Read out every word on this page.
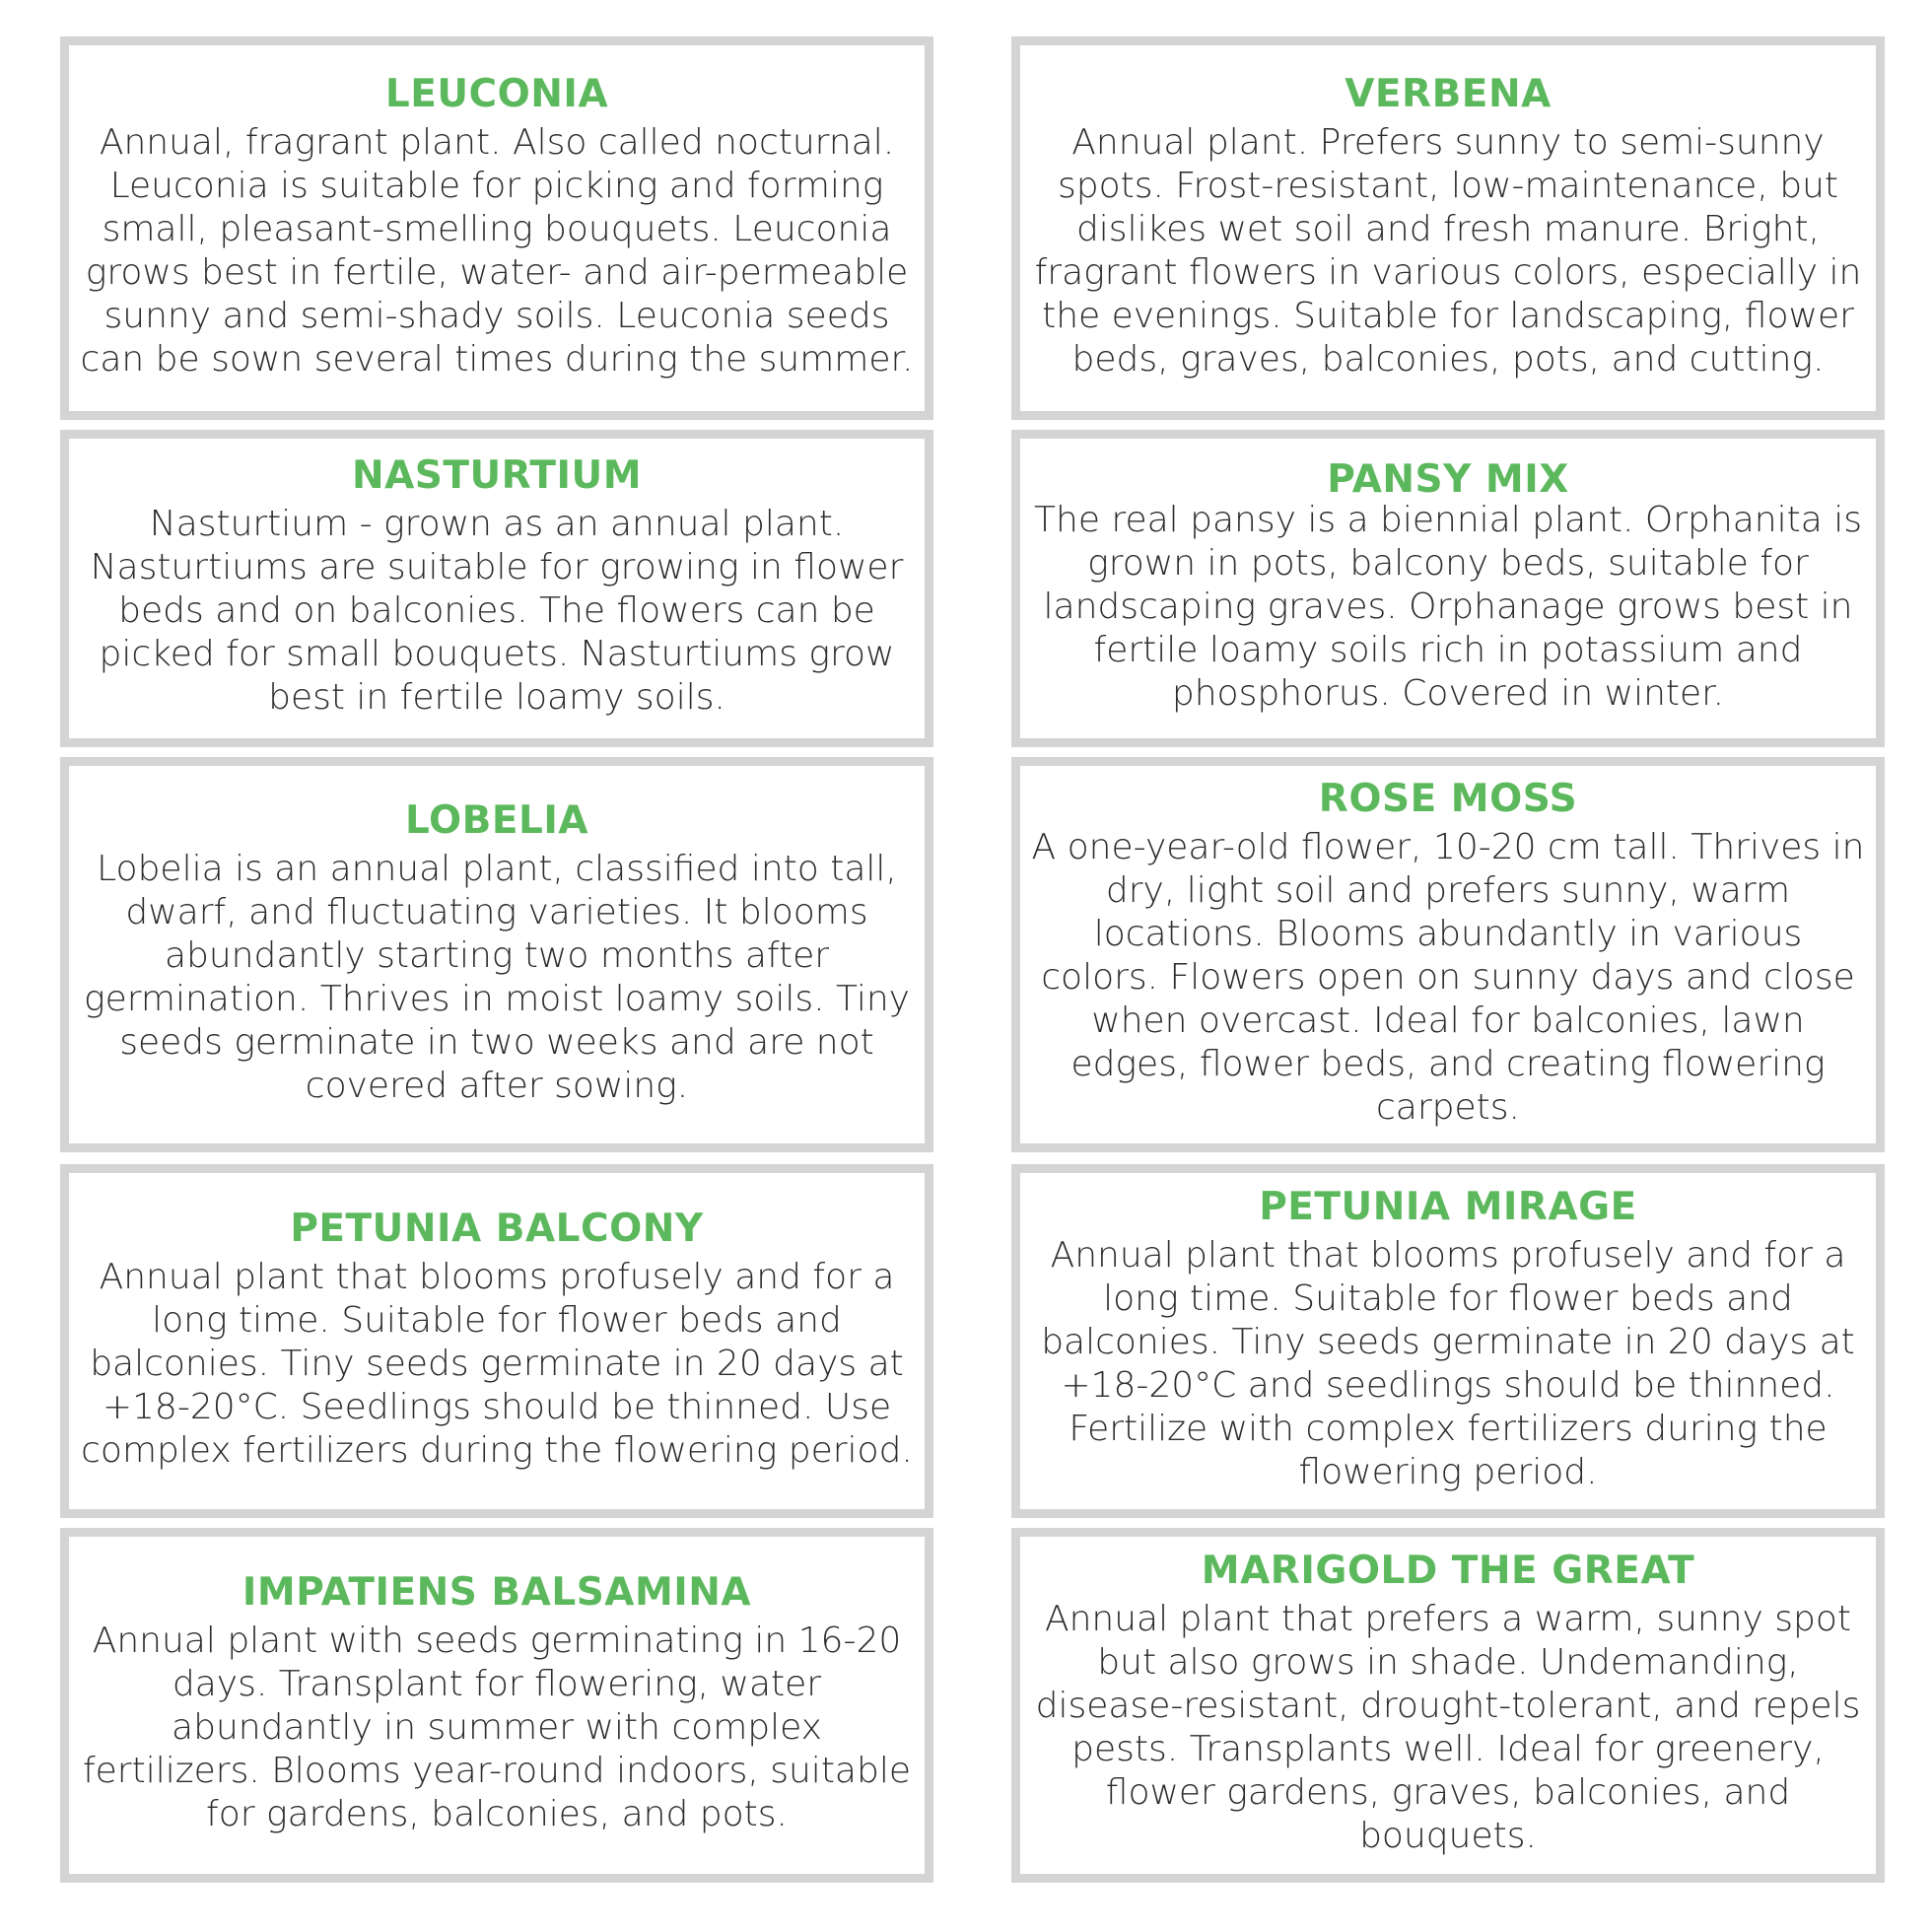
LEUCONIA

Annual, fragrant plant. Also called nocturnal. Leuconia is suitable for picking and forming small, pleasant-smelling bouquets. Leuconia grows best in fertile, water- and air-permeable sunny and semi-shady soils. Leuconia seeds can be sown several times during the summer.

VERBENA

Annual plant. Prefers sunny to semi-sunny spots. Frost-resistant, low-maintenance, but dislikes wet soil and fresh manure. Bright, fragrant flowers in various colors, especially in the evenings. Suitable for landscaping, flower beds, graves, balconies, pots, and cutting.

NASTURTIUM

Nasturtium - grown as an annual plant. Nasturtiums are suitable for growing in flower beds and on balconies. The flowers can be picked for small bouquets. Nasturtiums grow best in fertile loamy soils.

PANSY MIX

The real pansy is a biennial plant. Orphanita is grown in pots, balcony beds, suitable for landscaping graves. Orphanage grows best in fertile loamy soils rich in potassium and phosphorus. Covered in winter.

LOBELIA

Lobelia is an annual plant, classified into tall, dwarf, and fluctuating varieties. It blooms abundantly starting two months after germination. Thrives in moist loamy soils. Tiny seeds germinate in two weeks and are not covered after sowing.

ROSE MOSS

A one-year-old flower, 10-20 cm tall. Thrives in dry, light soil and prefers sunny, warm locations. Blooms abundantly in various colors. Flowers open on sunny days and close when overcast. Ideal for balconies, lawn edges, flower beds, and creating flowering carpets.

PETUNIA BALCONY

Annual plant that blooms profusely and for a long time. Suitable for flower beds and balconies. Tiny seeds germinate in 20 days at +18-20°C. Seedlings should be thinned. Use complex fertilizers during the flowering period.

PETUNIA MIRAGE

Annual plant that blooms profusely and for a long time. Suitable for flower beds and balconies. Tiny seeds germinate in 20 days at +18-20°C and seedlings should be thinned. Fertilize with complex fertilizers during the flowering period.

IMPATIENS BALSAMINA

Annual plant with seeds germinating in 16-20 days. Transplant for flowering, water abundantly in summer with complex fertilizers. Blooms year-round indoors, suitable for gardens, balconies, and pots.

MARIGOLD THE GREAT

Annual plant that prefers a warm, sunny spot but also grows in shade. Undemanding, disease-resistant, drought-tolerant, and repels pests. Transplants well. Ideal for greenery, flower gardens, graves, balconies, and bouquets.
